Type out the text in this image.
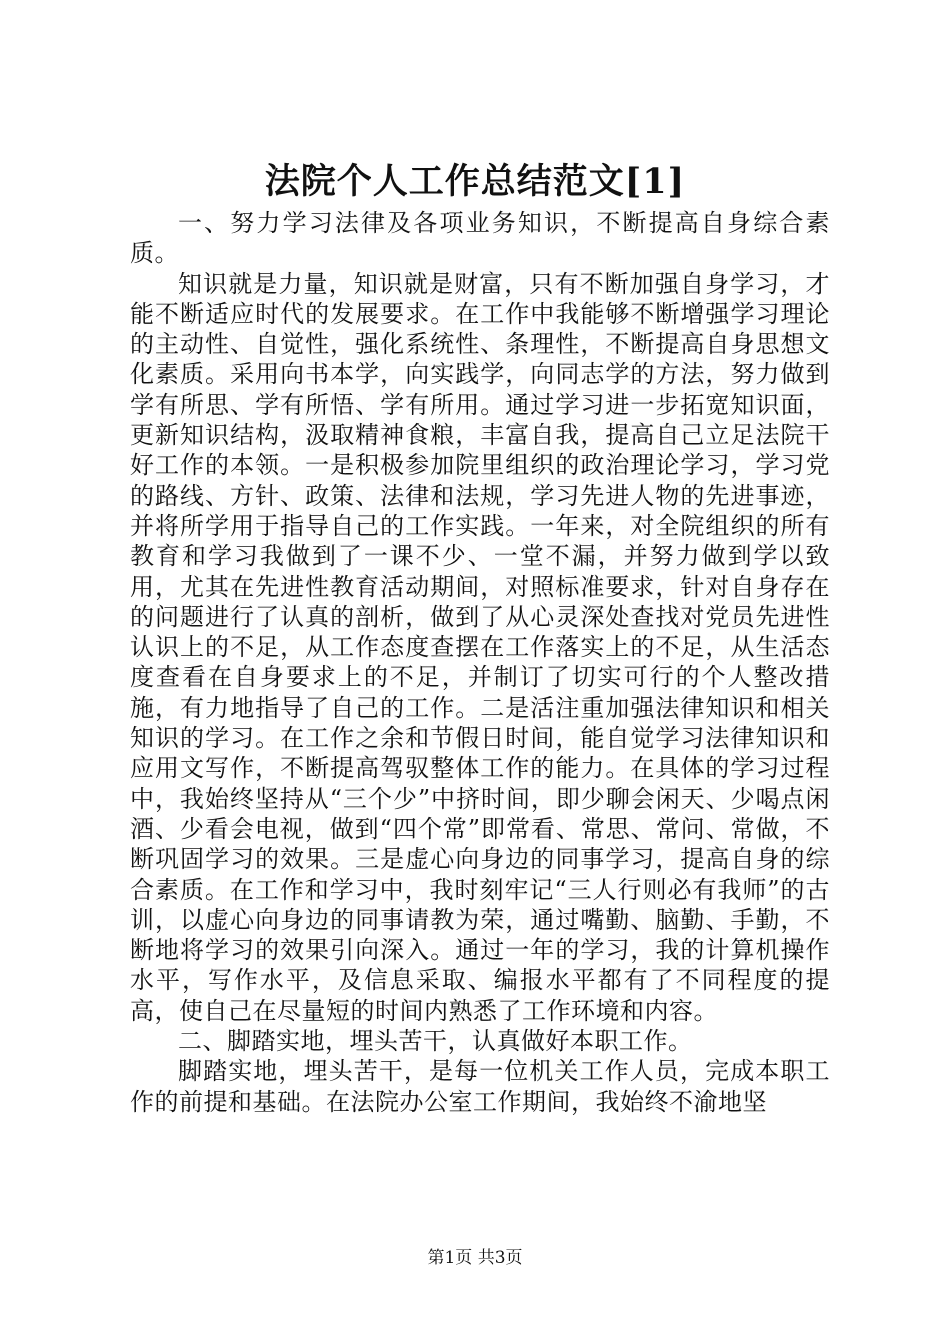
法院个人工作总结范文[1]

一、努力学习法律及各项业务知识，不断提高自身综合素质。

知识就是力量，知识就是财富，只有不断加强自身学习，才能不断适应时代的发展要求。在工作中我能够不断增强学习理论的主动性、自觉性，强化系统性、条理性，不断提高自身思想文化素质。采用向书本学，向实践学，向同志学的方法，努力做到学有所思、学有所悟、学有所用。通过学习进一步拓宽知识面，更新知识结构，汲取精神食粮，丰富自我，提高自己立足法院干好工作的本领。一是积极参加院里组织的政治理论学习，学习党的路线、方针、政策、法律和法规，学习先进人物的先进事迹，并将所学用于指导自己的工作实践。一年来，对全院组织的所有教育和学习我做到了一课不少、一堂不漏，并努力做到学以致用，尤其在先进性教育活动期间，对照标准要求，针对自身存在的问题进行了认真的剖析，做到了从心灵深处查找对党员先进性认识上的不足，从工作态度查摆在工作落实上的不足，从生活态度查看在自身要求上的不足，并制订了切实可行的个人整改措施，有力地指导了自己的工作。二是活注重加强法律知识和相关知识的学习。在工作之余和节假日时间，能自觉学习法律知识和应用文写作，不断提高驾驭整体工作的能力。在具体的学习过程中，我始终坚持从“三个少”中挤时间，即少聊会闲天、少喝点闲酒、少看会电视，做到“四个常”即常看、常思、常问、常做，不断巩固学习的效果。三是虚心向身边的同事学习，提高自身的综合素质。在工作和学习中，我时刻牢记“三人行则必有我师”的古训，以虚心向身边的同事请教为荣，通过嘴勤、脑勤、手勤，不断地将学习的效果引向深入。通过一年的学习，我的计算机操作水平，写作水平，及信息采取、编报水平都有了不同程度的提高，使自己在尽量短的时间内熟悉了工作环境和内容。

二、脚踏实地，埋头苦干，认真做好本职工作。

脚踏实地，埋头苦干，是每一位机关工作人员，完成本职工作的前提和基础。在法院办公室工作期间，我始终不渝地坚

第1页 共3页
